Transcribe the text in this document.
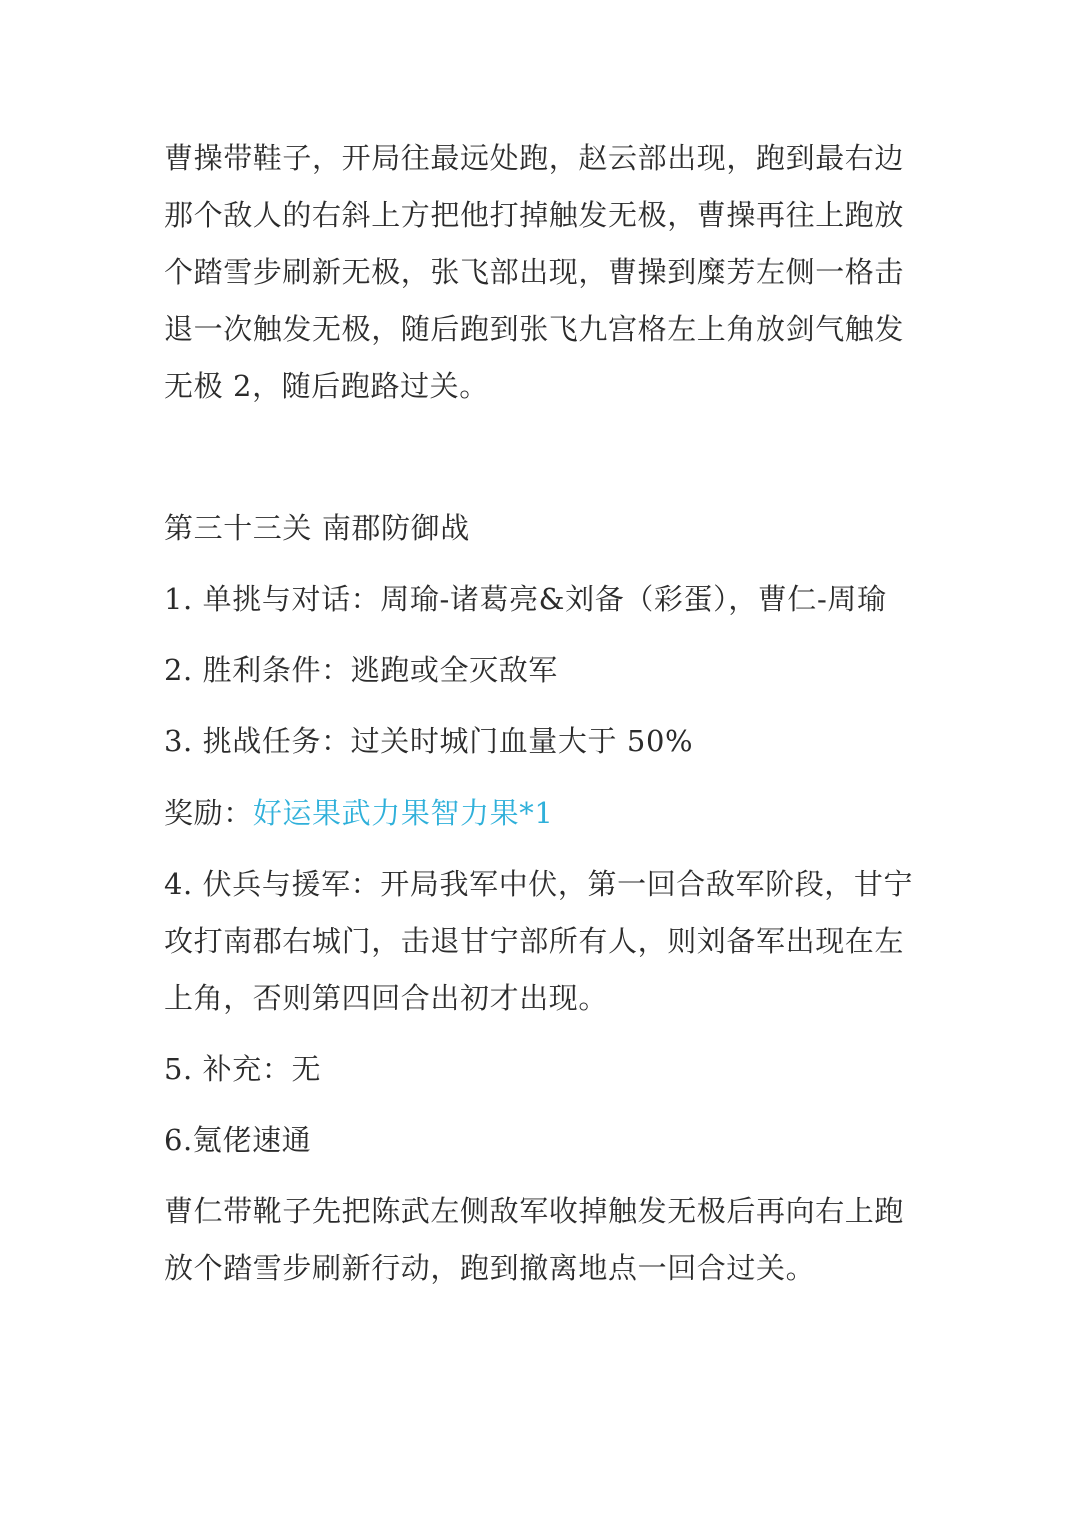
曹操带鞋子，开局往最远处跑，赵云部出现，跑到最右边那个敌人的右斜上方把他打掉触发无极，曹操再往上跑放个踏雪步刷新无极，张飞部出现，曹操到糜芳左侧一格击退一次触发无极，随后跑到张飞九宫格左上角放剑气触发无极 2，随后跑路过关。

第三十三关 南郡防御战
1. 单挑与对话：周瑜-诸葛亮&刘备（彩蛋），曹仁-周瑜
2. 胜利条件：逃跑或全灭敌军
3. 挑战任务：过关时城门血量大于 50%
奖励：好运果武力果智力果*1

4. 伏兵与援军：开局我军中伏，第一回合敌军阶段，甘宁攻打南郡右城门，击退甘宁部所有人，则刘备军出现在左上角，否则第四回合出初才出现。

5. 补充：无
6.氪佬速通

曹仁带靴子先把陈武左侧敌军收掉触发无极后再向右上跑放个踏雪步刷新行动，跑到撤离地点一回合过关。
